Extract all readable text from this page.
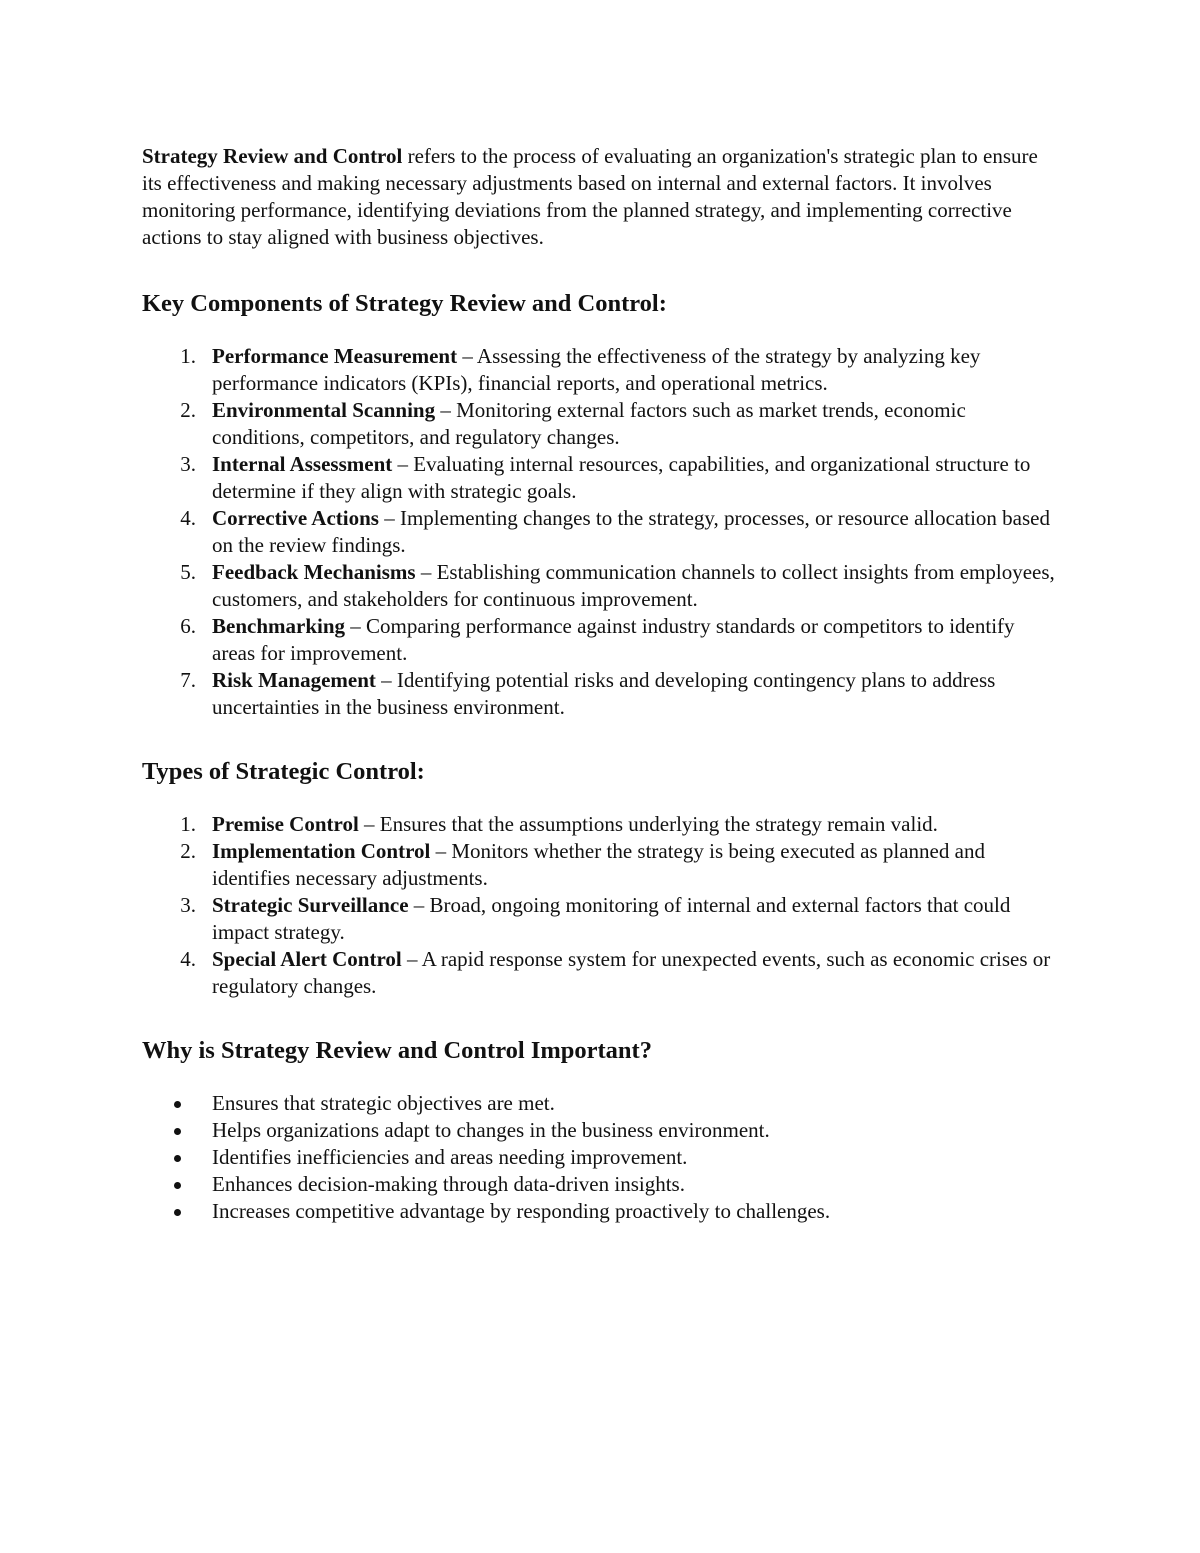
Strategy Review and Control refers to the process of evaluating an organization's strategic plan to ensure its effectiveness and making necessary adjustments based on internal and external factors. It involves monitoring performance, identifying deviations from the planned strategy, and implementing corrective actions to stay aligned with business objectives.

Key Components of Strategy Review and Control:
1. Performance Measurement – Assessing the effectiveness of the strategy by analyzing key performance indicators (KPIs), financial reports, and operational metrics.
2. Environmental Scanning – Monitoring external factors such as market trends, economic conditions, competitors, and regulatory changes.
3. Internal Assessment – Evaluating internal resources, capabilities, and organizational structure to determine if they align with strategic goals.
4. Corrective Actions – Implementing changes to the strategy, processes, or resource allocation based on the review findings.
5. Feedback Mechanisms – Establishing communication channels to collect insights from employees, customers, and stakeholders for continuous improvement.
6. Benchmarking – Comparing performance against industry standards or competitors to identify areas for improvement.
7. Risk Management – Identifying potential risks and developing contingency plans to address uncertainties in the business environment.
Types of Strategic Control:
1. Premise Control – Ensures that the assumptions underlying the strategy remain valid.
2. Implementation Control – Monitors whether the strategy is being executed as planned and identifies necessary adjustments.
3. Strategic Surveillance – Broad, ongoing monitoring of internal and external factors that could impact strategy.
4. Special Alert Control – A rapid response system for unexpected events, such as economic crises or regulatory changes.
Why is Strategy Review and Control Important?
Ensures that strategic objectives are met.
Helps organizations adapt to changes in the business environment.
Identifies inefficiencies and areas needing improvement.
Enhances decision-making through data-driven insights.
Increases competitive advantage by responding proactively to challenges.
